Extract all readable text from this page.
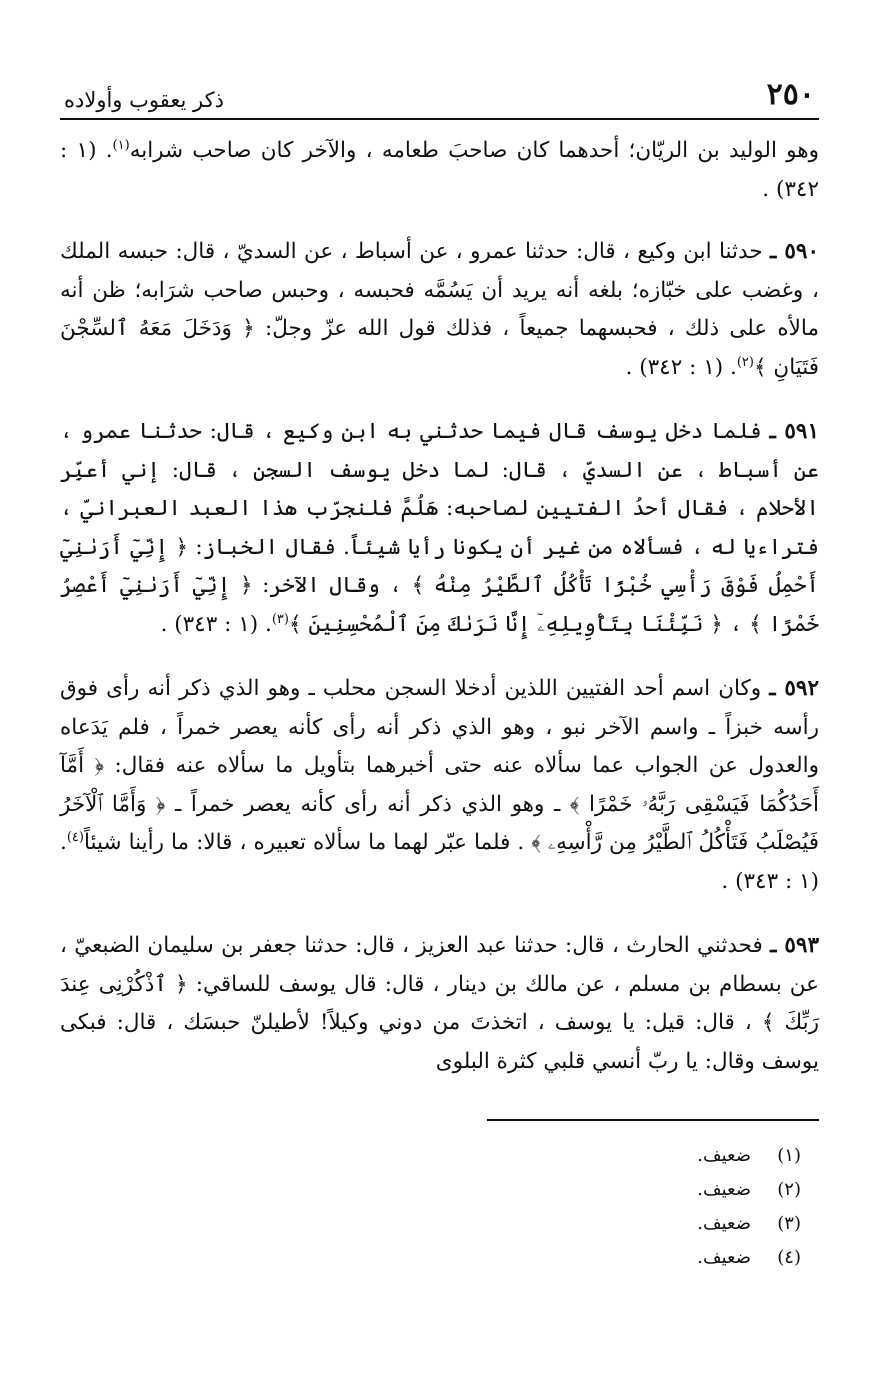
٢٥٠
ذكر يعقوب وأولاده

وهو الوليد بن الريّان؛ أحدهما كان صاحبَ طعامه ، والآخر كان صاحب شرابه$^{(١)}$. (١ : ٣٤٢) .

٥٩٠ ـ حدثنا ابن وكيع ، قال: حدثنا عمرو ، عن أسباط ، عن السديّ ، قال: حبسه الملك ، وغضب على خبّازه؛ بلغه أنه يريد أن يَسُمَّه فحبسه ، وحبس صاحب شرَابه؛ ظن أنه مالأه على ذلك ، فحبسهما جميعاً ، فذلك قول الله عزّ وجلّ: ﴿ وَدَخَلَ مَعَهُ ٱلسِّجْنَ فَتَيَانِ ﴾$^{(٢)}$. (١ : ٣٤٢) .

٥٩١ ـ فلما دخل يوسف قال فيما حدثني به ابن وكيع ، قال: حدثنا عمرو ، عن أسباط ، عن السديّ ، قال: لما دخل يوسف السجن ، قال: إني أعبِّر الأحلام ، فقال أحدُ الفتيين لصاحبه: هَلُمَّ فلنجرّب هذا العبد العبرانيّ ، فتراءيا له ، فسألاه من غير أن يكونا رأيا شيئاً. فقال الخباز: ﴿ إِنِّيٓ أَرَىٰنِيٓ أَحْمِلُ فَوْقَ رَأْسِي خُبْزًا تَأْكُلُ ٱلطَّيْرُ مِنْهُ ﴾ ، وقال الآخر: ﴿ إِنِّيٓ أَرَىٰنِيٓ أَعْصِرُ خَمْرًا ﴾ ، ﴿ نَبِّئْنَا بِتَأْوِيلِهِۦٓ إِنَّا نَرَىٰكَ مِنَ ٱلْمُحْسِنِينَ ﴾$^{(٣)}$. (١ : ٣٤٣) .

٥٩٢ ـ وكان اسم أحد الفتيين اللذين أدخلا السجن محلب ـ وهو الذي ذكر أنه رأى فوق رأسه خبزاً ـ واسم الآخر نبو ، وهو الذي ذكر أنه رأى كأنه يعصر خمراً ، فلم يَدَعاه والعدول عن الجواب عما سألاه عنه حتى أخبرهما بتأويل ما سألاه عنه فقال: ﴿ أَمَّآ أَحَدُكُمَا فَيَسْقِى رَبَّهُۥ خَمْرًا ﴾ ـ وهو الذي ذكر أنه رأى كأنه يعصر خمراً ـ ﴿ وَأَمَّا ٱلْآخَرُ فَيُصْلَبُ فَتَأْكُلُ ٱلطَّيْرُ مِن رَّأْسِهِۦ ﴾ . فلما عبّر لهما ما سألاه تعبيره ، قالا: ما رأينا شيئاً$^{(٤)}$. (١ : ٣٤٣) .

٥٩٣ ـ فحدثني الحارث ، قال: حدثنا عبد العزيز ، قال: حدثنا جعفر بن سليمان الضبعيّ ، عن بسطام بن مسلم ، عن مالك بن دينار ، قال: قال يوسف للساقي: ﴿ ٱذْكُرْنِى عِندَ رَبِّكَ ﴾ ، قال: قيل: يا يوسف ، اتخذتَ من دوني وكيلاً! لأطيلنّ حبسَك ، قال: فبكى يوسف وقال: يا ربّ أنسي قلبي كثرة البلوى

(١)
ضعيف.
(٢)
ضعيف.
(٣)
ضعيف.
(٤)
ضعيف.
